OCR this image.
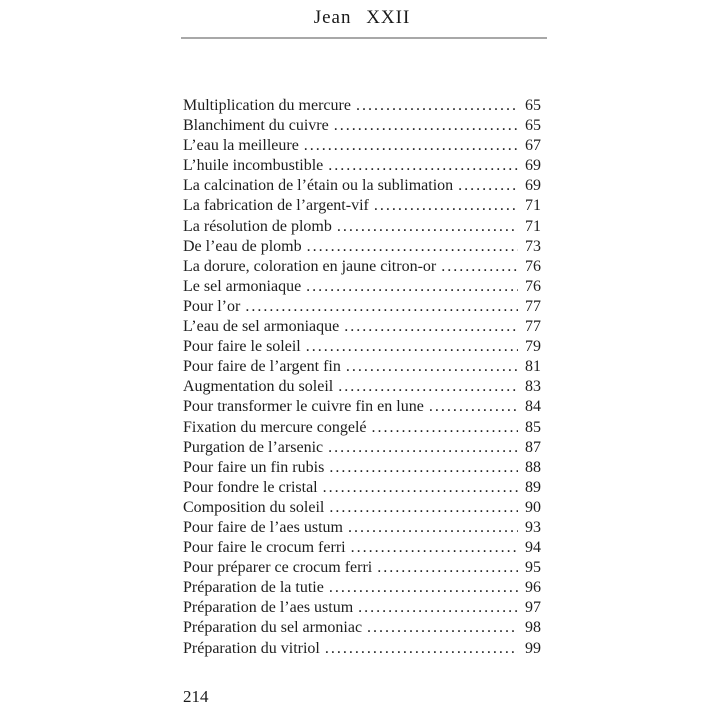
Jean XXII
Multiplication du mercure .....	65
Blanchiment du cuivre .....	65
L’eau la meilleure .....	67
L’huile incombustible .....	69
La calcination de l’étain ou la sublimation .....	69
La fabrication de l’argent-vif .....	71
La résolution de plomb .....	71
De l’eau de plomb .....	73
La dorure, coloration en jaune citron-or .....	76
Le sel armoniaque .....	76
Pour l’or .....	77
L’eau de sel armoniaque .....	77
Pour faire le soleil .....	79
Pour faire de l’argent fin .....	81
Augmentation du soleil .....	83
Pour transformer le cuivre fin en lune .....	84
Fixation du mercure congelé .....	85
Purgation de l’arsenic .....	87
Pour faire un fin rubis .....	88
Pour fondre le cristal .....	89
Composition du soleil .....	90
Pour faire de l’aes ustum .....	93
Pour faire le crocum ferri .....	94
Pour préparer ce crocum ferri .....	95
Préparation de la tutie .....	96
Préparation de l’aes ustum .....	97
Préparation du sel armoniac .....	98
Préparation du vitriol .....	99
214
